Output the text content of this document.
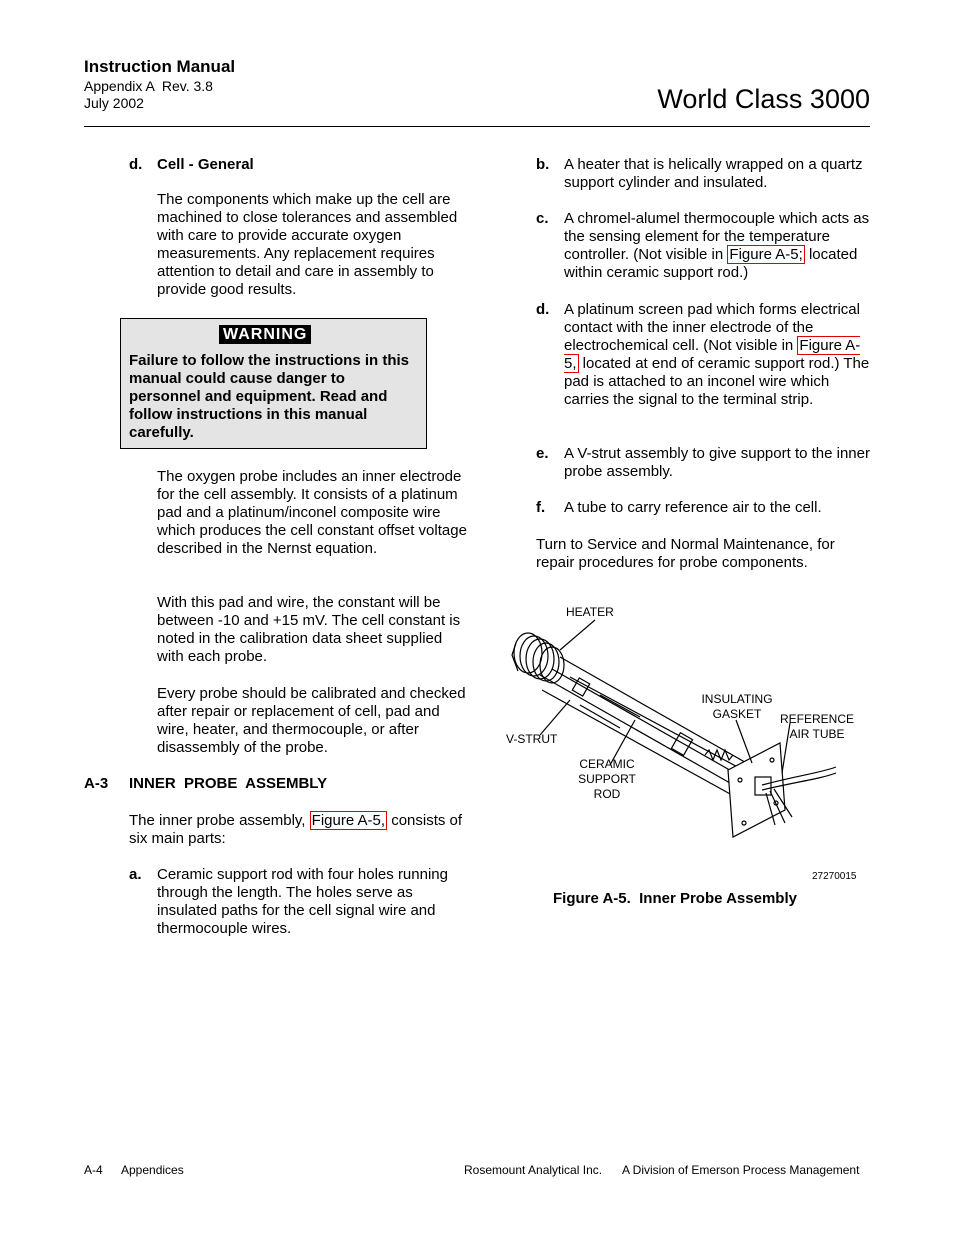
Instruction Manual
Appendix A  Rev. 3.8
July 2002	World Class 3000
d. Cell - General
The components which make up the cell are machined to close tolerances and assembled with care to provide accurate oxygen measurements. Any replacement requires attention to detail and care in assembly to provide good results.
WARNING
Failure to follow the instructions in this manual could cause danger to personnel and equipment. Read and follow instructions in this manual carefully.
The oxygen probe includes an inner electrode for the cell assembly. It consists of a platinum pad and a platinum/inconel composite wire which produces the cell constant offset voltage described in the Nernst equation.
With this pad and wire, the constant will be between -10 and +15 mV. The cell constant is noted in the calibration data sheet supplied with each probe.
Every probe should be calibrated and checked after repair or replacement of cell, pad and wire, heater, and thermocouple, or after disassembly of the probe.
A-3 INNER  PROBE  ASSEMBLY
The inner probe assembly, Figure A-5, consists of six main parts:
a. Ceramic support rod with four holes running through the length. The holes serve as insulated paths for the cell signal wire and thermocouple wires.
b. A heater that is helically wrapped on a quartz support cylinder and insulated.
c. A chromel-alumel thermocouple which acts as the sensing element for the temperature controller. (Not visible in Figure A-5; located within ceramic support rod.)
d. A platinum screen pad which forms electrical contact with the inner electrode of the electrochemical cell. (Not visible in Figure A-5, located at end of ceramic support rod.) The pad is attached to an inconel wire which carries the signal to the terminal strip.
e. A V-strut assembly to give support to the inner probe assembly.
f. A tube to carry reference air to the cell.
Turn to Service and Normal Maintenance, for repair procedures for probe components.
HEATER
INSULATING GASKET	REFERENCE AIR TUBE
V-STRUT
CERAMIC SUPPORT ROD
27270015
Figure A-5.  Inner Probe Assembly
A-4 Appendices	Rosemount Analytical Inc. A Division of Emerson Process Management
